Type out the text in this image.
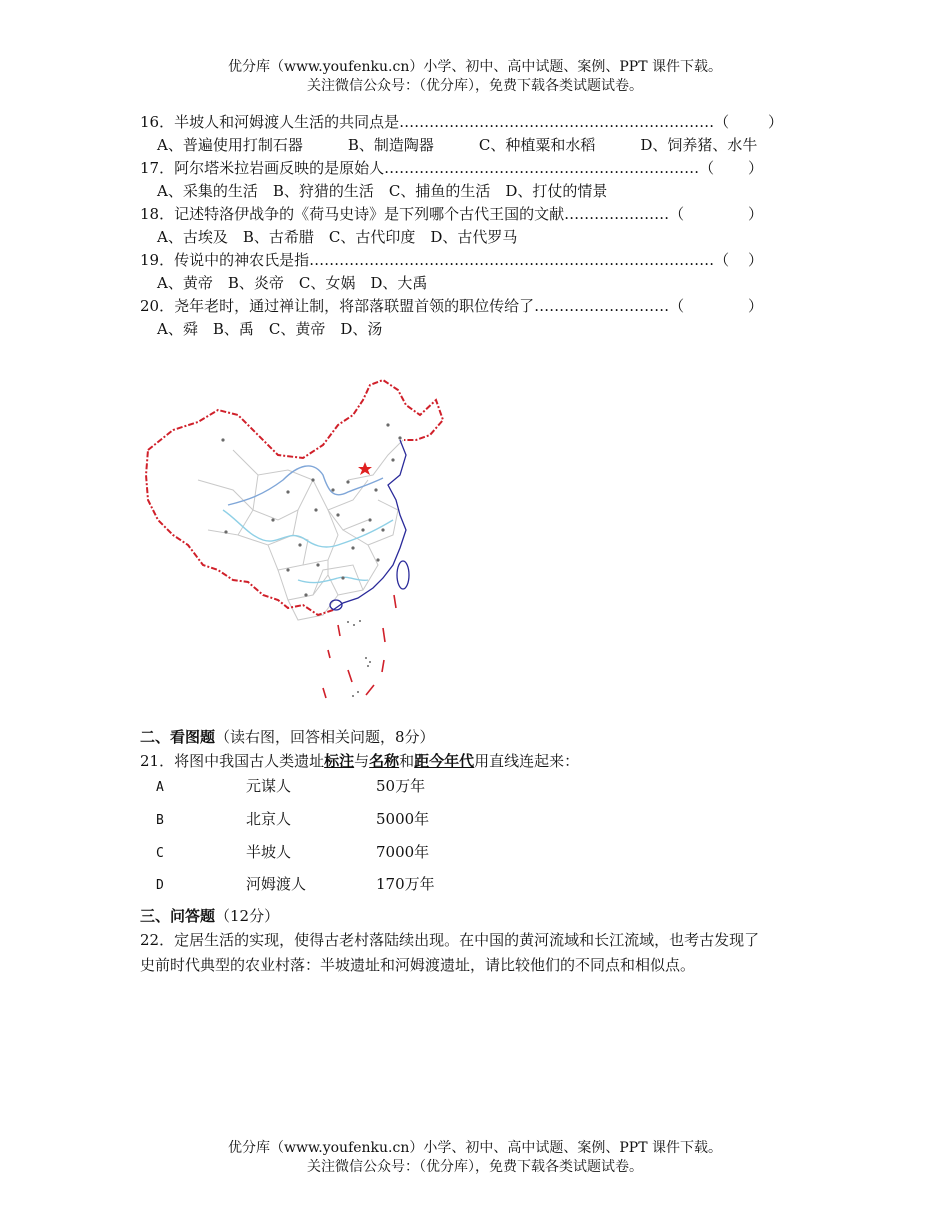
优分库（www.youfenku.cn）小学、初中、高中试题、案例、PPT 课件下载。
关注微信公众号：（优分库），免费下载各类试题试卷。
16．半坡人和河姆渡人生活的共同点是………………………………………………………（	）
A、普遍使用打制石器　　　B、制造陶器　　　C、种植粟和水稻　　　D、饲养猪、水牛
17．阿尔塔米拉岩画反映的是原始人………………………………………………………（ ）
A、采集的生活　B、狩猎的生活　C、捕鱼的生活　D、打仗的情景
18．记述特洛伊战争的《荷马史诗》是下列哪个古代王国的文献…………………（	）
A、古埃及　B、古希腊　C、古代印度　D、古代罗马
19．传说中的神农氏是指………………………………………………………………………（ ）
A、黄帝　B、炎帝　C、女娲　D、大禹
20．尧年老时，通过禅让制，将部落联盟首领的职位传给了………………………（	）
A、舜　B、禹　C、黄帝　D、汤
二、看图题（读右图，回答相关问题，8分）
21．将图中我国古人类遗址标注与名称和距今年代用直线连起来：
A	元谋人	50万年
B	北京人	5000年
C	半坡人	7000年
D	河姆渡人	170万年
三、问答题（12分）
22．定居生活的实现，使得古老村落陆续出现。在中国的黄河流域和长江流域，也考古发现了
史前时代典型的农业村落：半坡遗址和河姆渡遗址，请比较他们的不同点和相似点。
优分库（www.youfenku.cn）小学、初中、高中试题、案例、PPT 课件下载。
关注微信公众号：（优分库），免费下载各类试题试卷。
